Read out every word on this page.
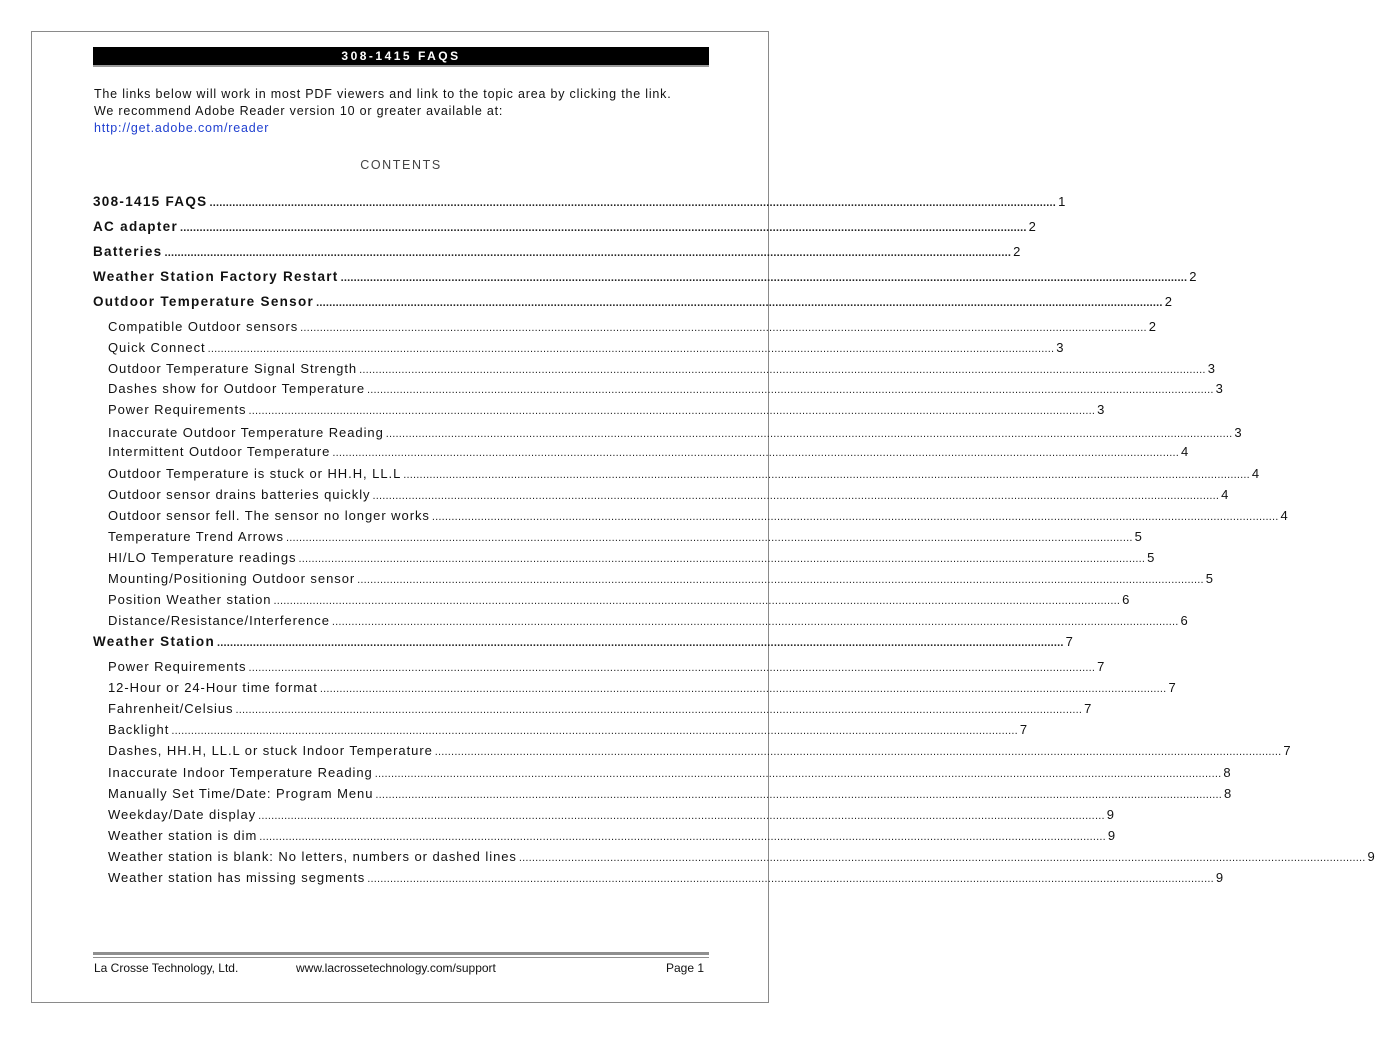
308-1415 FAQS
The links below will work in most PDF viewers and link to the topic area by clicking the link.
We recommend Adobe Reader version 10 or greater available at:
http://get.adobe.com/reader
CONTENTS
308-1415 FAQS .................................................................................................................................................................................................................................................................... 1
AC adapter .................................................................................................................................................................................................................................................................... 2
Batteries .................................................................................................................................................................................................................................................................... 2
Weather Station Factory Restart .................................................................................................................................................................................................................................................................... 2
Outdoor Temperature Sensor .................................................................................................................................................................................................................................................................... 2
Compatible Outdoor sensors .................................................................................................................................................................................................................................................................... 2
Quick Connect .................................................................................................................................................................................................................................................................... 3
Outdoor Temperature Signal Strength .................................................................................................................................................................................................................................................................... 3
Dashes show for Outdoor Temperature .................................................................................................................................................................................................................................................................... 3
Power Requirements .................................................................................................................................................................................................................................................................... 3
Inaccurate Outdoor Temperature Reading .................................................................................................................................................................................................................................................................... 3
Intermittent Outdoor Temperature .................................................................................................................................................................................................................................................................... 4
Outdoor Temperature is stuck or HH.H, LL.L .................................................................................................................................................................................................................................................................... 4
Outdoor sensor drains batteries quickly .................................................................................................................................................................................................................................................................... 4
Outdoor sensor fell. The sensor no longer works .................................................................................................................................................................................................................................................................... 4
Temperature Trend Arrows .................................................................................................................................................................................................................................................................... 5
HI/LO Temperature readings .................................................................................................................................................................................................................................................................... 5
Mounting/Positioning Outdoor sensor .................................................................................................................................................................................................................................................................... 5
Position Weather station .................................................................................................................................................................................................................................................................... 6
Distance/Resistance/Interference .................................................................................................................................................................................................................................................................... 6
Weather Station .................................................................................................................................................................................................................................................................... 7
Power Requirements .................................................................................................................................................................................................................................................................... 7
12-Hour or 24-Hour time format .................................................................................................................................................................................................................................................................... 7
Fahrenheit/Celsius .................................................................................................................................................................................................................................................................... 7
Backlight .................................................................................................................................................................................................................................................................... 7
Dashes, HH.H, LL.L or stuck Indoor Temperature .................................................................................................................................................................................................................................................................... 7
Inaccurate Indoor Temperature Reading .................................................................................................................................................................................................................................................................... 8
Manually Set Time/Date: Program Menu .................................................................................................................................................................................................................................................................... 8
Weekday/Date display .................................................................................................................................................................................................................................................................... 9
Weather station is dim .................................................................................................................................................................................................................................................................... 9
Weather station is blank: No letters, numbers or dashed lines .................................................................................................................................................................................................................................................................... 9
Weather station has missing segments .................................................................................................................................................................................................................................................................... 9
La Crosse Technology, Ltd.	www.lacrossetechnology.com/support	Page 1
